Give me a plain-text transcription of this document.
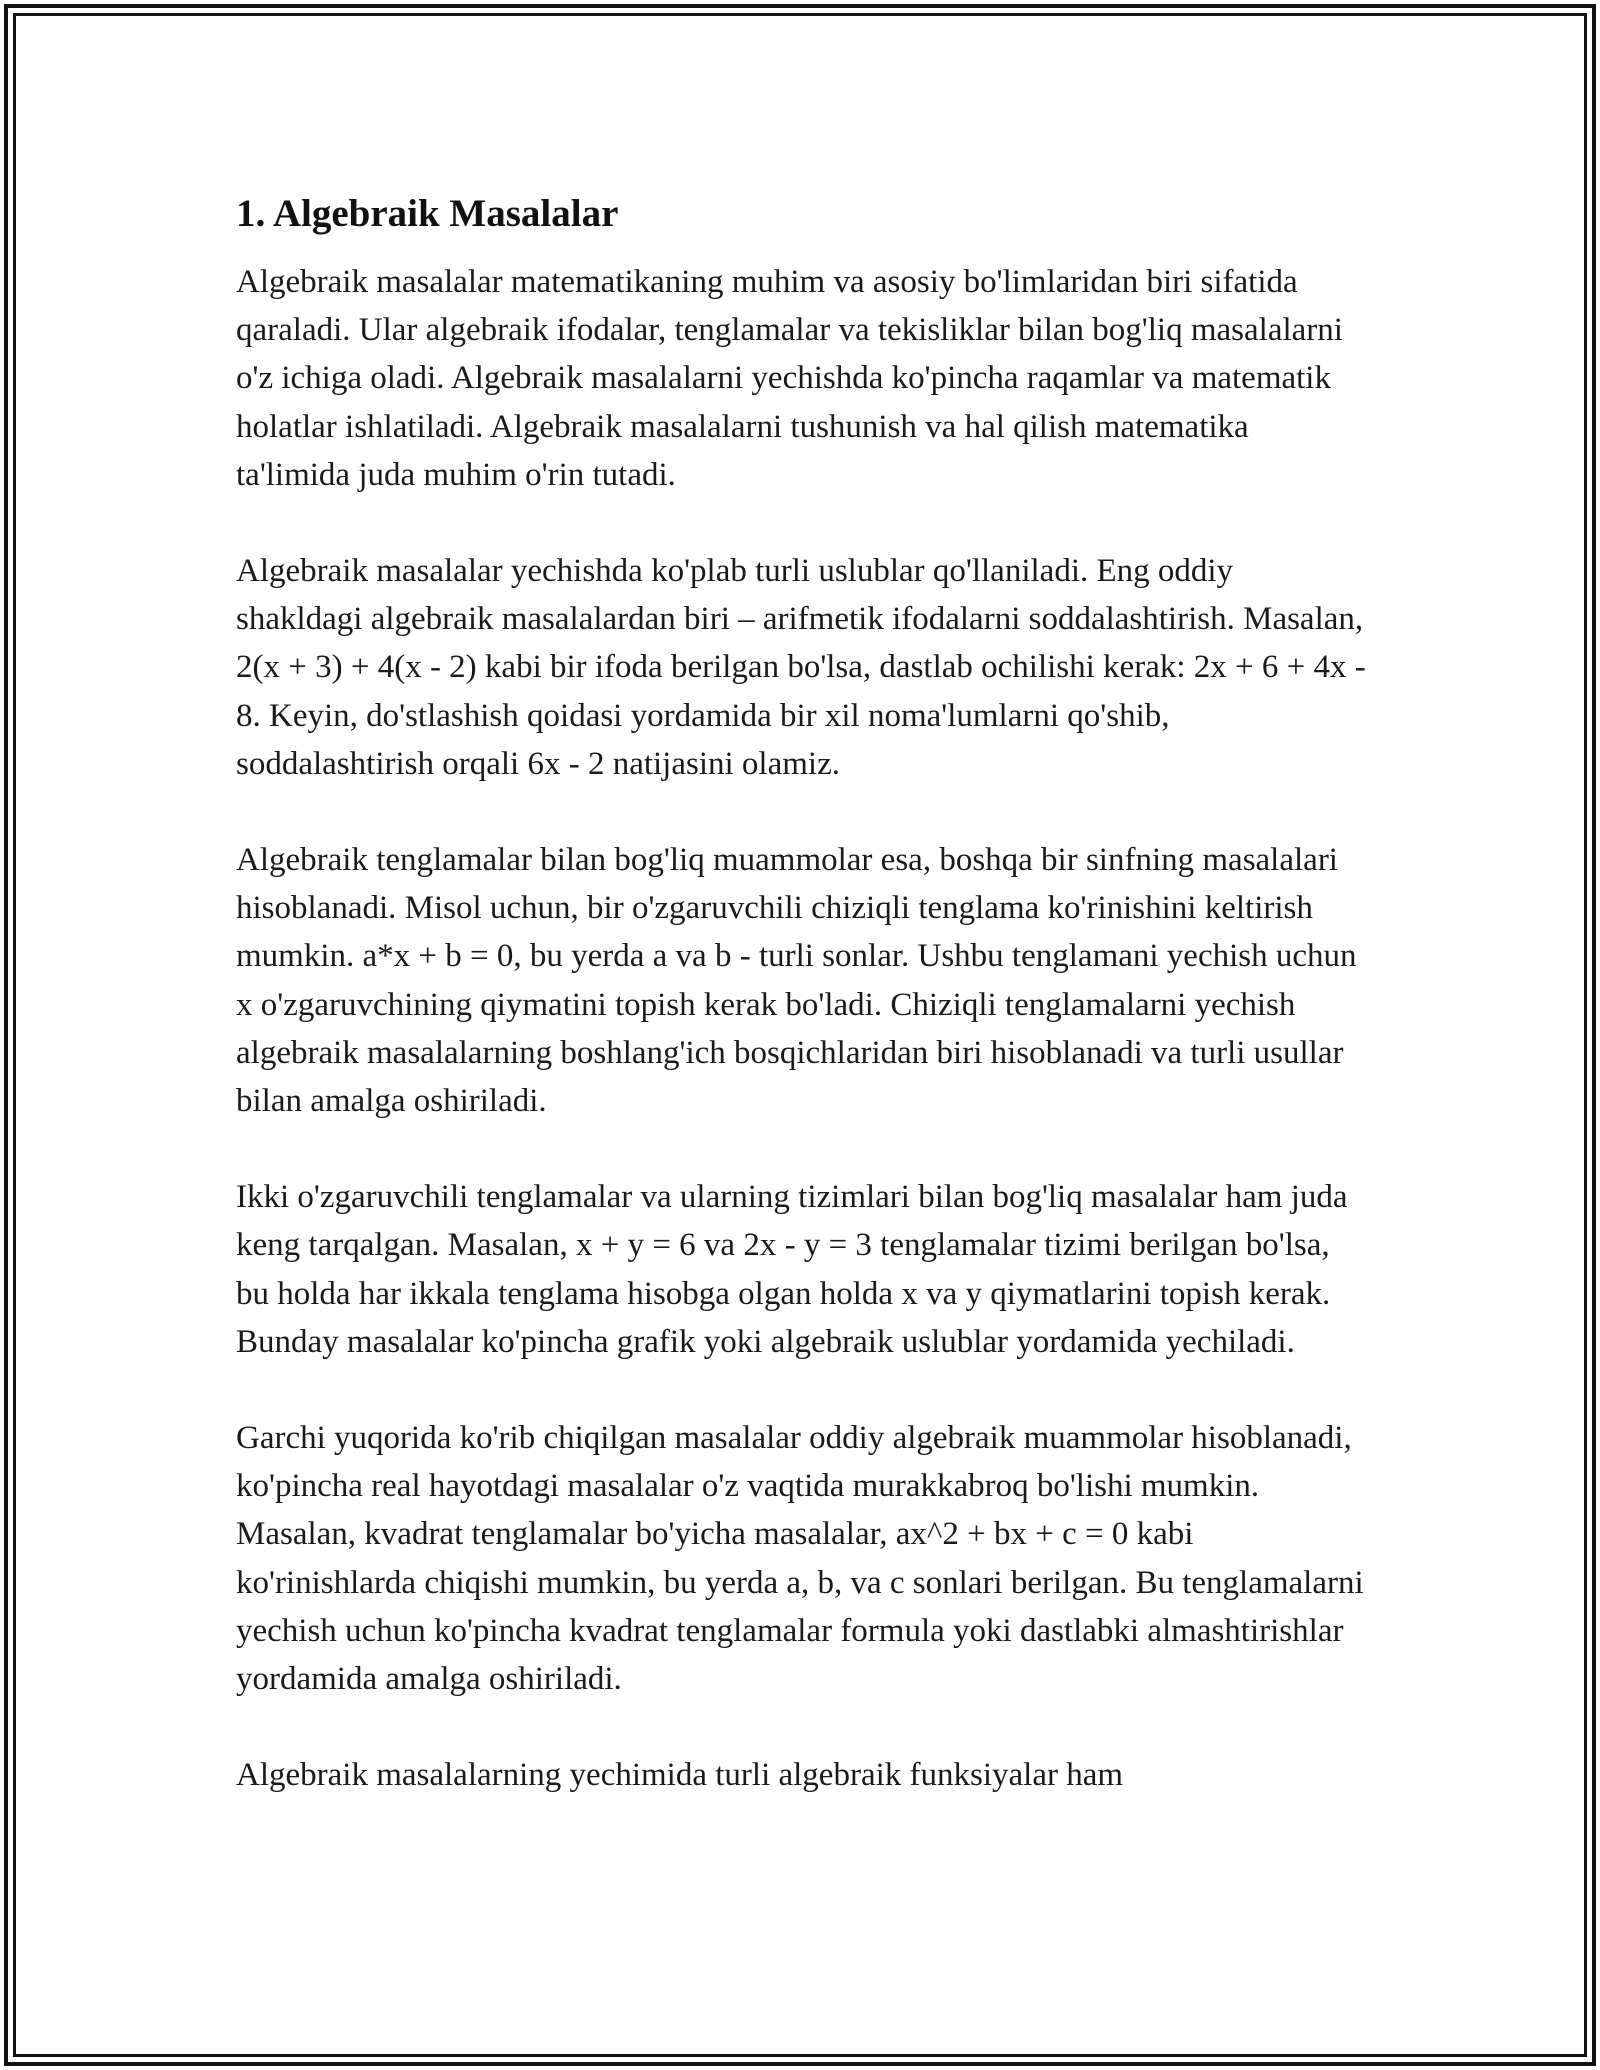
1. Algebraik Masalalar

Algebraik masalalar matematikaning muhim va asosiy bo'limlaridan biri sifatida qaraladi. Ular algebraik ifodalar, tenglamalar va tekisliklar bilan bog'liq masalalarni o'z ichiga oladi. Algebraik masalalarni yechishda ko'pincha raqamlar va matematik holatlar ishlatiladi. Algebraik masalalarni tushunish va hal qilish matematika ta'limida juda muhim o'rin tutadi.

Algebraik masalalar yechishda ko'plab turli uslublar qo'llaniladi. Eng oddiy shakldagi algebraik masalalardan biri – arifmetik ifodalarni soddalashtirish. Masalan, 2(x + 3) + 4(x - 2) kabi bir ifoda berilgan bo'lsa, dastlab ochilishi kerak: 2x + 6 + 4x - 8. Keyin, do'stlashish qoidasi yordamida bir xil noma'lumlarni qo'shib, soddalashtirish orqali 6x - 2 natijasini olamiz.

Algebraik tenglamalar bilan bog'liq muammolar esa, boshqa bir sinfning masalalari hisoblanadi. Misol uchun, bir o'zgaruvchili chiziqli tenglama ko'rinishini keltirish mumkin. a*x + b = 0, bu yerda a va b - turli sonlar. Ushbu tenglamani yechish uchun x o'zgaruvchining qiymatini topish kerak bo'ladi. Chiziqli tenglamalarni yechish algebraik masalalarning boshlang'ich bosqichlaridan biri hisoblanadi va turli usullar bilan amalga oshiriladi.

Ikki o'zgaruvchili tenglamalar va ularning tizimlari bilan bog'liq masalalar ham juda keng tarqalgan. Masalan, x + y = 6 va 2x - y = 3 tenglamalar tizimi berilgan bo'lsa, bu holda har ikkala tenglama hisobga olgan holda x va y qiymatlarini topish kerak. Bunday masalalar ko'pincha grafik yoki algebraik uslublar yordamida yechiladi.

Garchi yuqorida ko'rib chiqilgan masalalar oddiy algebraik muammolar hisoblanadi, ko'pincha real hayotdagi masalalar o'z vaqtida murakkabroq bo'lishi mumkin. Masalan, kvadrat tenglamalar bo'yicha masalalar, ax^2 + bx + c = 0 kabi ko'rinishlarda chiqishi mumkin, bu yerda a, b, va c sonlari berilgan. Bu tenglamalarni yechish uchun ko'pincha kvadrat tenglamalar formula yoki dastlabki almashtirishlar yordamida amalga oshiriladi.

Algebraik masalalarning yechimida turli algebraik funksiyalar ham
